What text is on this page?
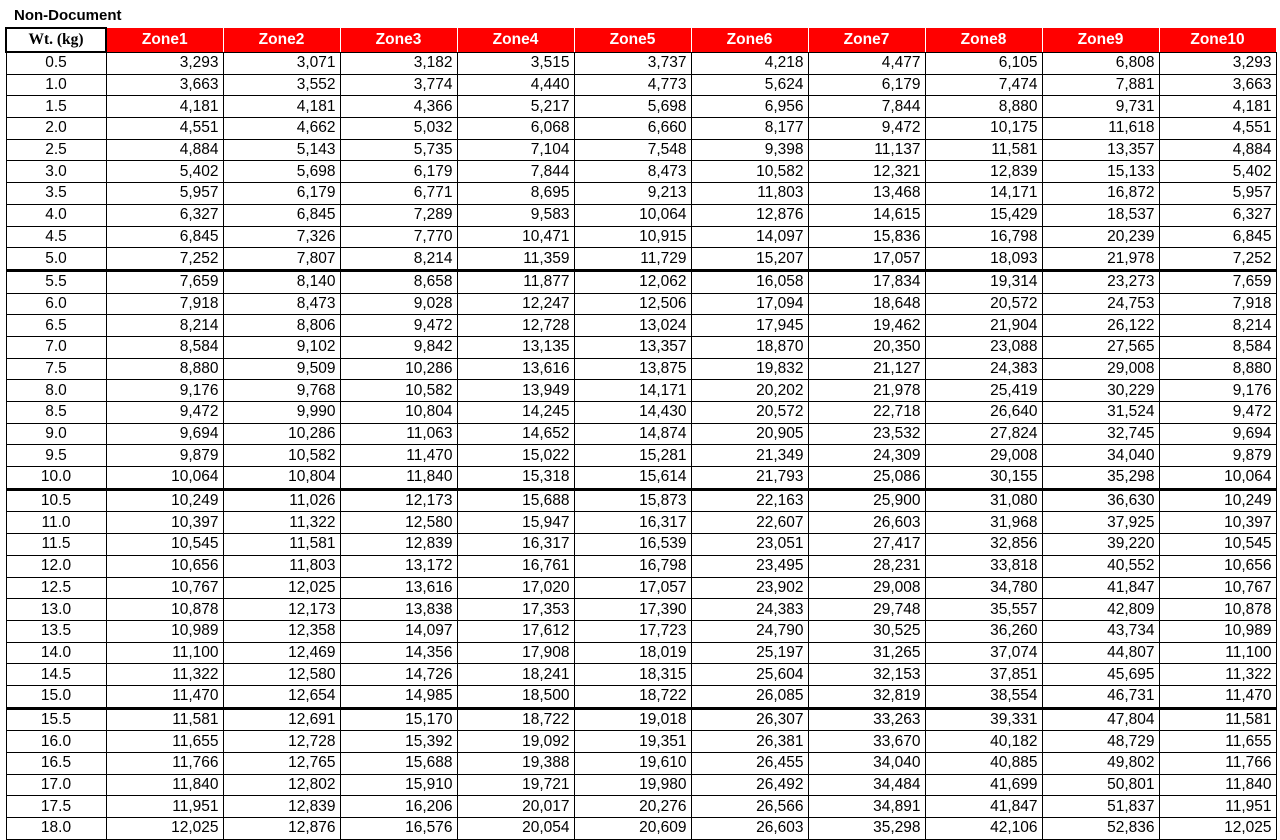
Non-Document
Wt. (kg)	Zone1	Zone2	Zone3	Zone4	Zone5	Zone6	Zone7	Zone8	Zone9	Zone10
0.5	3,293	3,071	3,182	3,515	3,737	4,218	4,477	6,105	6,808	3,293
1.0	3,663	3,552	3,774	4,440	4,773	5,624	6,179	7,474	7,881	3,663
1.5	4,181	4,181	4,366	5,217	5,698	6,956	7,844	8,880	9,731	4,181
2.0	4,551	4,662	5,032	6,068	6,660	8,177	9,472	10,175	11,618	4,551
2.5	4,884	5,143	5,735	7,104	7,548	9,398	11,137	11,581	13,357	4,884
3.0	5,402	5,698	6,179	7,844	8,473	10,582	12,321	12,839	15,133	5,402
3.5	5,957	6,179	6,771	8,695	9,213	11,803	13,468	14,171	16,872	5,957
4.0	6,327	6,845	7,289	9,583	10,064	12,876	14,615	15,429	18,537	6,327
4.5	6,845	7,326	7,770	10,471	10,915	14,097	15,836	16,798	20,239	6,845
5.0	7,252	7,807	8,214	11,359	11,729	15,207	17,057	18,093	21,978	7,252
5.5	7,659	8,140	8,658	11,877	12,062	16,058	17,834	19,314	23,273	7,659
6.0	7,918	8,473	9,028	12,247	12,506	17,094	18,648	20,572	24,753	7,918
6.5	8,214	8,806	9,472	12,728	13,024	17,945	19,462	21,904	26,122	8,214
7.0	8,584	9,102	9,842	13,135	13,357	18,870	20,350	23,088	27,565	8,584
7.5	8,880	9,509	10,286	13,616	13,875	19,832	21,127	24,383	29,008	8,880
8.0	9,176	9,768	10,582	13,949	14,171	20,202	21,978	25,419	30,229	9,176
8.5	9,472	9,990	10,804	14,245	14,430	20,572	22,718	26,640	31,524	9,472
9.0	9,694	10,286	11,063	14,652	14,874	20,905	23,532	27,824	32,745	9,694
9.5	9,879	10,582	11,470	15,022	15,281	21,349	24,309	29,008	34,040	9,879
10.0	10,064	10,804	11,840	15,318	15,614	21,793	25,086	30,155	35,298	10,064
10.5	10,249	11,026	12,173	15,688	15,873	22,163	25,900	31,080	36,630	10,249
11.0	10,397	11,322	12,580	15,947	16,317	22,607	26,603	31,968	37,925	10,397
11.5	10,545	11,581	12,839	16,317	16,539	23,051	27,417	32,856	39,220	10,545
12.0	10,656	11,803	13,172	16,761	16,798	23,495	28,231	33,818	40,552	10,656
12.5	10,767	12,025	13,616	17,020	17,057	23,902	29,008	34,780	41,847	10,767
13.0	10,878	12,173	13,838	17,353	17,390	24,383	29,748	35,557	42,809	10,878
13.5	10,989	12,358	14,097	17,612	17,723	24,790	30,525	36,260	43,734	10,989
14.0	11,100	12,469	14,356	17,908	18,019	25,197	31,265	37,074	44,807	11,100
14.5	11,322	12,580	14,726	18,241	18,315	25,604	32,153	37,851	45,695	11,322
15.0	11,470	12,654	14,985	18,500	18,722	26,085	32,819	38,554	46,731	11,470
15.5	11,581	12,691	15,170	18,722	19,018	26,307	33,263	39,331	47,804	11,581
16.0	11,655	12,728	15,392	19,092	19,351	26,381	33,670	40,182	48,729	11,655
16.5	11,766	12,765	15,688	19,388	19,610	26,455	34,040	40,885	49,802	11,766
17.0	11,840	12,802	15,910	19,721	19,980	26,492	34,484	41,699	50,801	11,840
17.5	11,951	12,839	16,206	20,017	20,276	26,566	34,891	41,847	51,837	11,951
18.0	12,025	12,876	16,576	20,054	20,609	26,603	35,298	42,106	52,836	12,025
